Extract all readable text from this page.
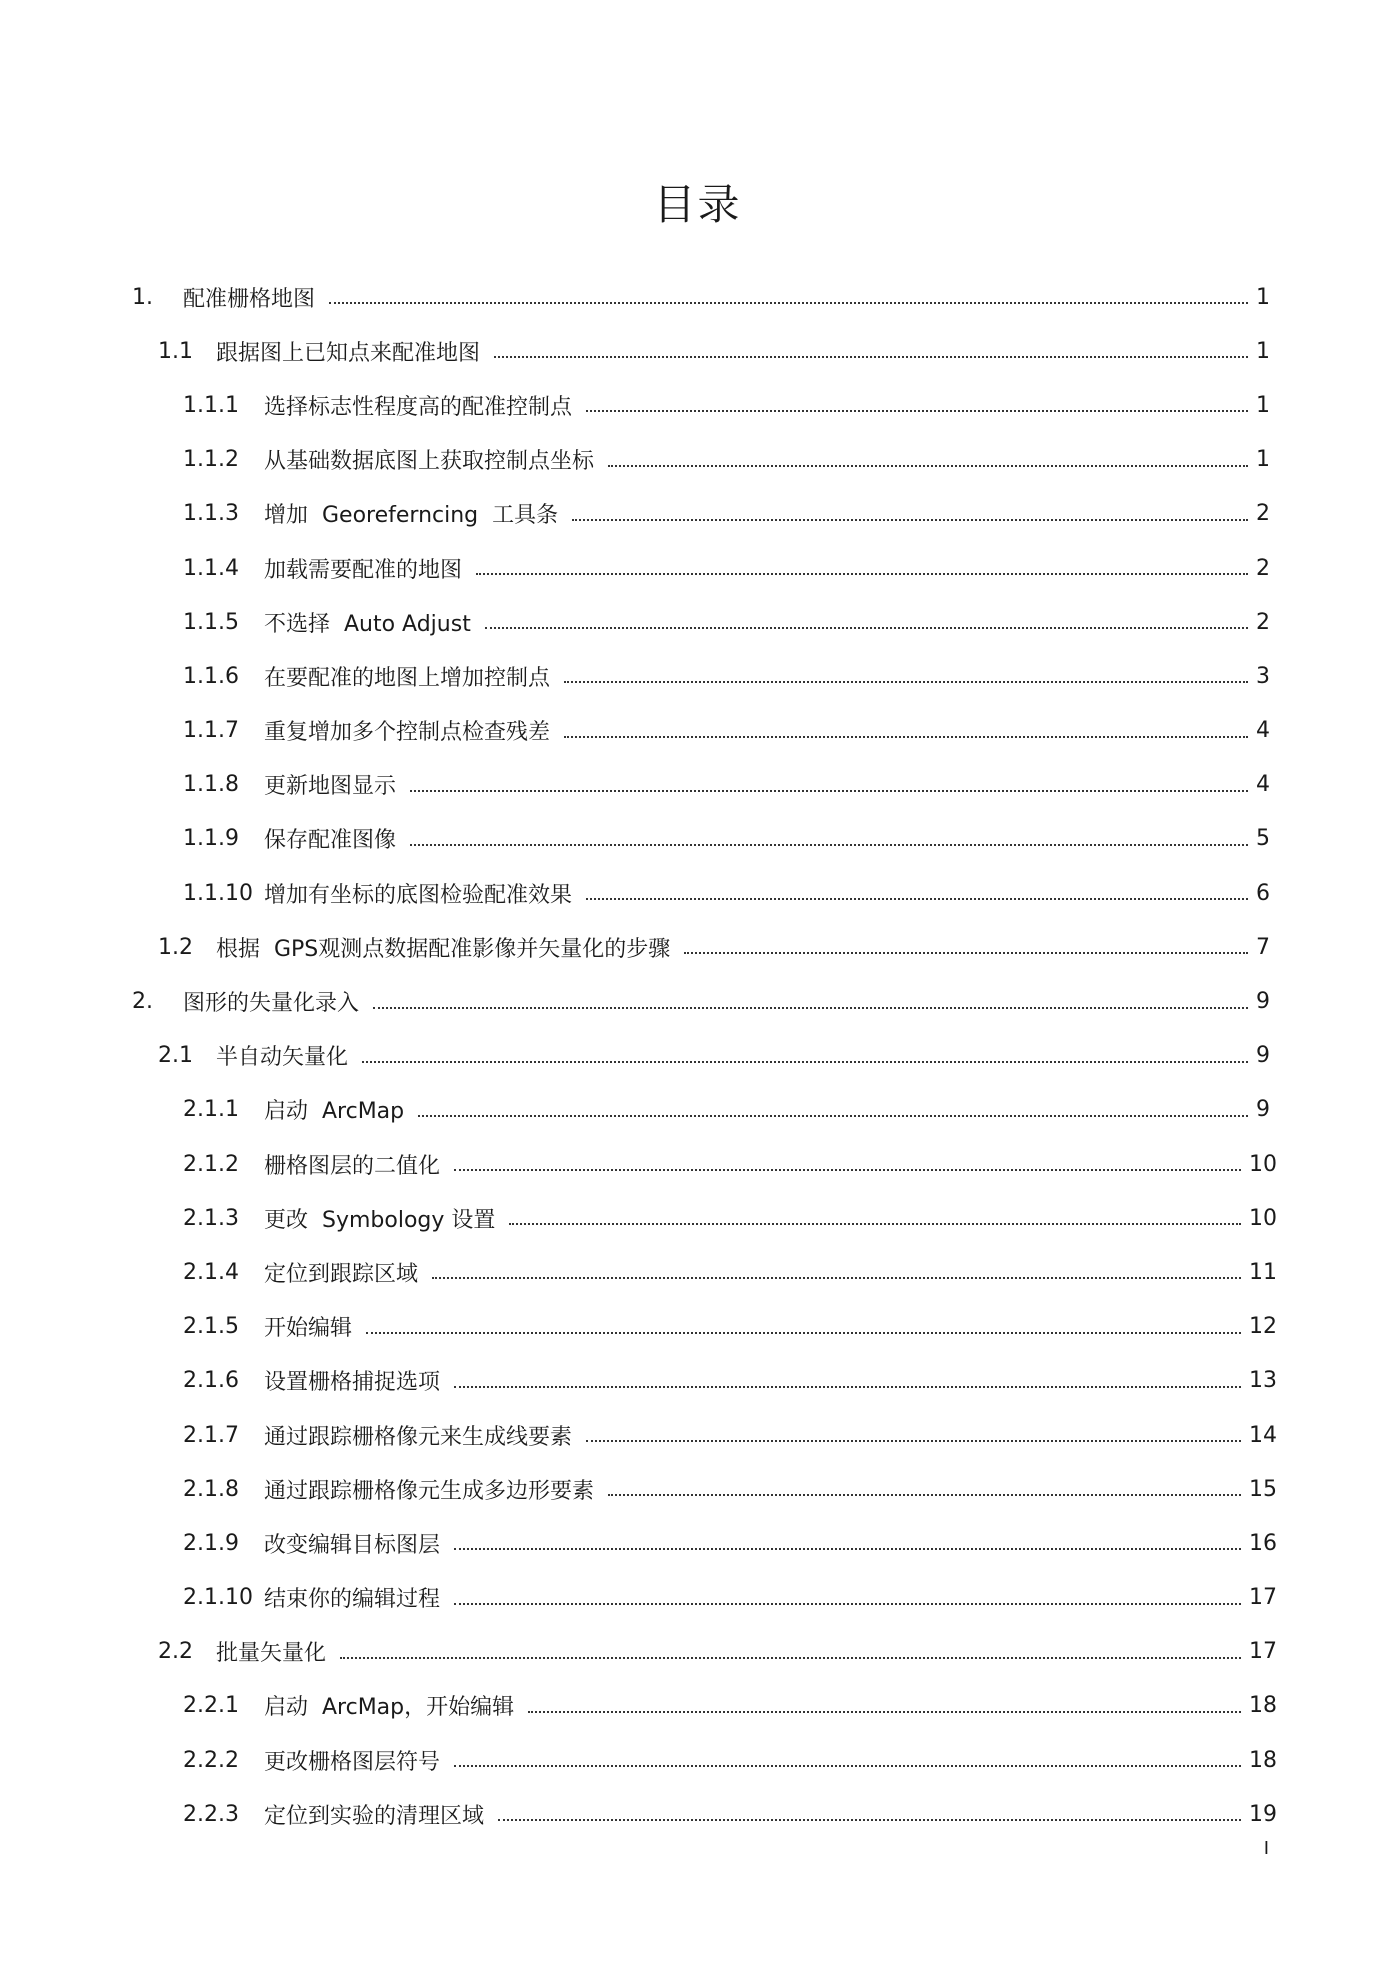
目录
1.	配准栅格地图	1
1.1	跟据图上已知点来配准地图	1
1.1.1	选择标志性程度高的配准控制点	1
1.1.2	从基础数据底图上获取控制点坐标	1
1.1.3	增加  Georeferncing  工具条	2
1.1.4	加载需要配准的地图	2
1.1.5	不选择  Auto Adjust	2
1.1.6	在要配准的地图上增加控制点	3
1.1.7	重复增加多个控制点检查残差	4
1.1.8	更新地图显示	4
1.1.9	保存配准图像	5
1.1.10 增加有坐标的底图检验配准效果	6
1.2	根据  GPS观测点数据配准影像并矢量化的步骤	7
2.	图形的失量化录入	9
2.1	半自动矢量化	9
2.1.1	启动  ArcMap	9
2.1.2	栅格图层的二值化	10
2.1.3	更改  Symbology 设置	10
2.1.4	定位到跟踪区域	11
2.1.5	开始编辑	12
2.1.6	设置栅格捕捉选项	13
2.1.7	通过跟踪栅格像元来生成线要素	14
2.1.8	通过跟踪栅格像元生成多边形要素	15
2.1.9	改变编辑目标图层	16
2.1.10 结束你的编辑过程	17
2.2	批量矢量化	17
2.2.1	启动  ArcMap，开始编辑	18
2.2.2	更改栅格图层符号	18
2.2.3	定位到实验的清理区域	19
I
